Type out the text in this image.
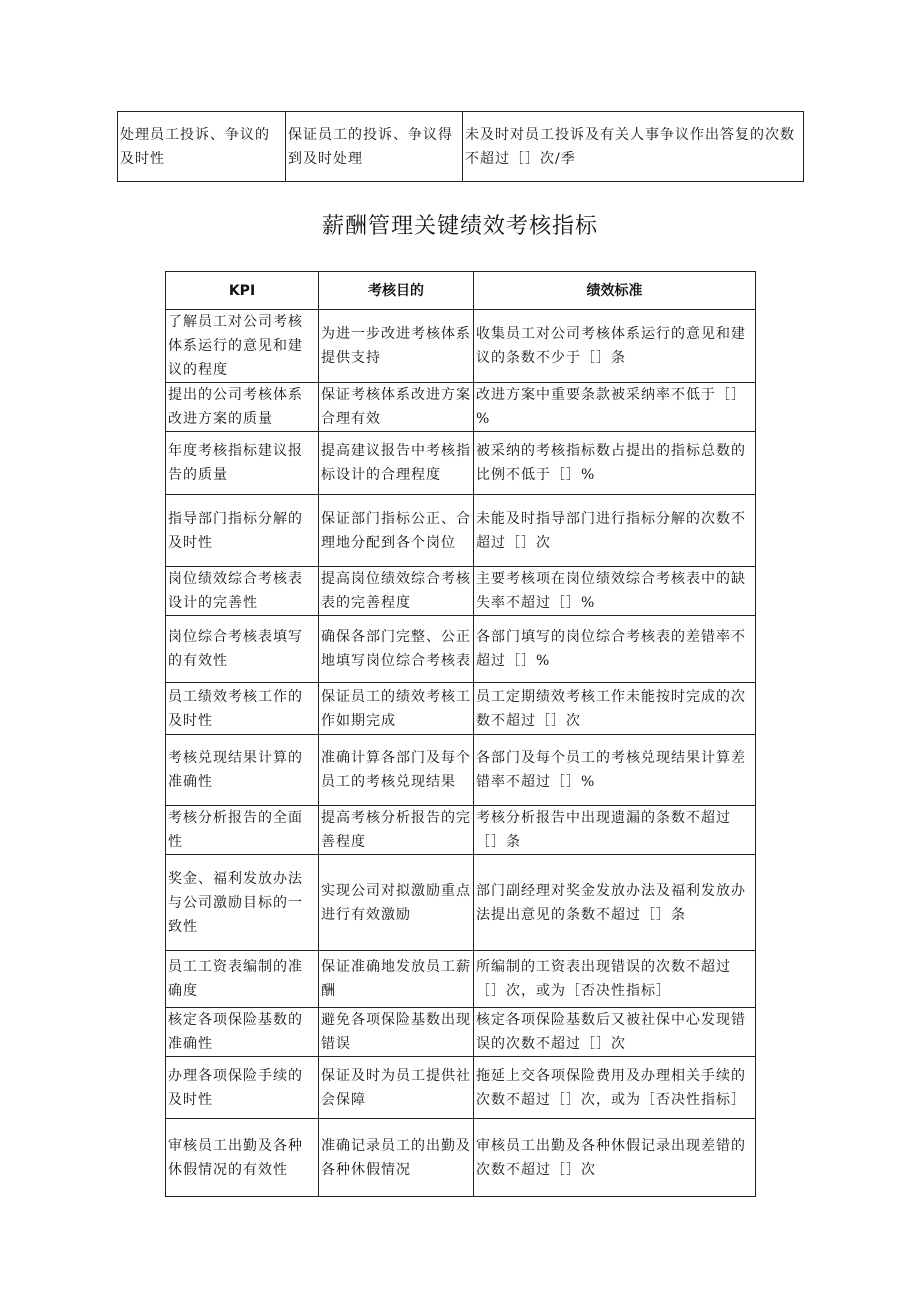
处理员工投诉、争议的及时性	保证员工的投诉、争议得到及时处理	未及时对员工投诉及有关人事争议作出答复的次数不超过［］次/季
薪酬管理关键绩效考核指标
KPI	考核目的	绩效标准
了解员工对公司考核体系运行的意见和建议的程度	为进一步改进考核体系提供支持	收集员工对公司考核体系运行的意见和建议的条数不少于［］条
提出的公司考核体系改进方案的质量	保证考核体系改进方案合理有效	改进方案中重要条款被采纳率不低于［］%
年度考核指标建议报告的质量	提高建议报告中考核指标设计的合理程度	被采纳的考核指标数占提出的指标总数的比例不低于［］%
指导部门指标分解的及时性	保证部门指标公正、合理地分配到各个岗位	未能及时指导部门进行指标分解的次数不超过［］次
岗位绩效综合考核表设计的完善性	提高岗位绩效综合考核表的完善程度	主要考核项在岗位绩效综合考核表中的缺失率不超过［］%
岗位综合考核表填写的有效性	确保各部门完整、公正地填写岗位综合考核表	各部门填写的岗位综合考核表的差错率不超过［］%
员工绩效考核工作的及时性	保证员工的绩效考核工作如期完成	员工定期绩效考核工作未能按时完成的次数不超过［］次
考核兑现结果计算的准确性	准确计算各部门及每个员工的考核兑现结果	各部门及每个员工的考核兑现结果计算差错率不超过［］%
考核分析报告的全面性	提高考核分析报告的完善程度	考核分析报告中出现遗漏的条数不超过［］条
奖金、福利发放办法与公司激励目标的一致性	实现公司对拟激励重点进行有效激励	部门副经理对奖金发放办法及福利发放办法提出意见的条数不超过［］条
员工工资表编制的准确度	保证准确地发放员工薪酬	所编制的工资表出现错误的次数不超过［］次，或为［否决性指标］
核定各项保险基数的准确性	避免各项保险基数出现错误	核定各项保险基数后又被社保中心发现错误的次数不超过［］次
办理各项保险手续的及时性	保证及时为员工提供社会保障	拖延上交各项保险费用及办理相关手续的次数不超过［］次，或为［否决性指标］
审核员工出勤及各种休假情况的有效性	准确记录员工的出勤及各种休假情况	审核员工出勤及各种休假记录出现差错的次数不超过［］次
